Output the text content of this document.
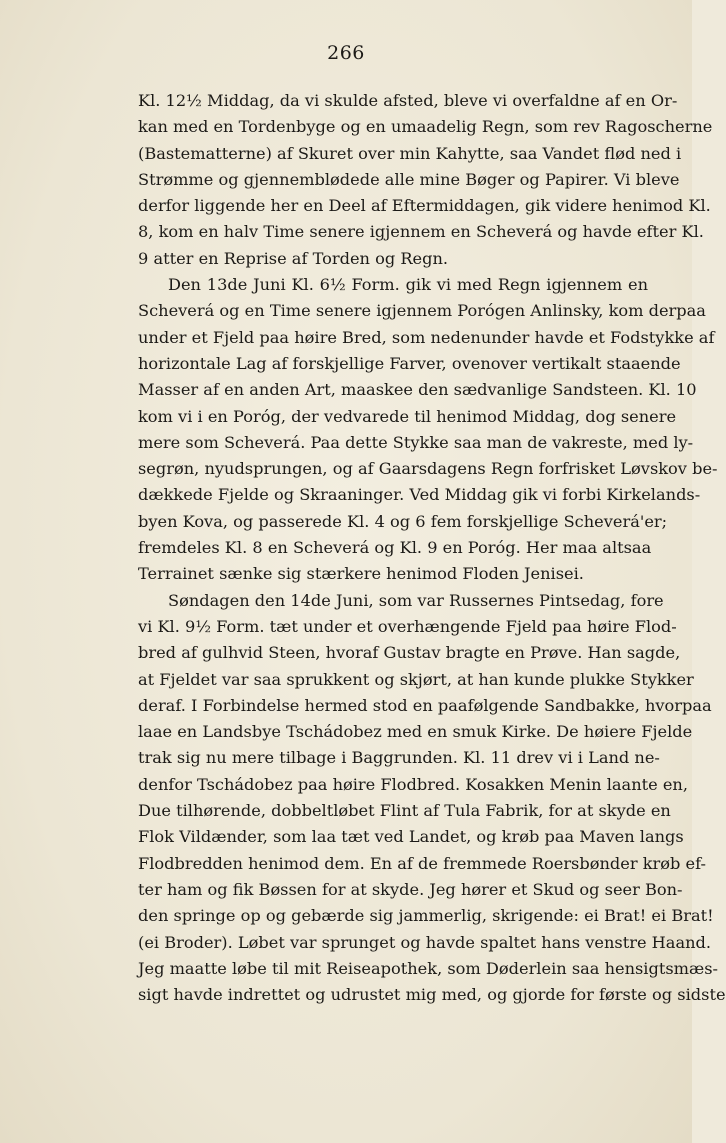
266
Kl. 12½ Middag, da vi skulde afsted, bleve vi overfaldne af en Or-
kan med en Tordenbyge og en umaadelig Regn, som rev Ragoscherne
(Bastematterne) af Skuret over min Kahytte, saa Vandet flød ned i
Strømme og gjennemblødede alle mine Bøger og Papirer. Vi bleve
derfor liggende her en Deel af Eftermiddagen, gik videre henimod Kl.
8, kom en halv Time senere igjennem en Scheverá og havde efter Kl.
9 atter en Reprise af Torden og Regn.
Den 13de Juni Kl. 6½ Form. gik vi med Regn igjennem en
Scheverá og en Time senere igjennem Porógen Anlinsky, kom derpaa
under et Fjeld paa høire Bred, som nedenunder havde et Fodstykke af
horizontale Lag af forskjellige Farver, ovenover vertikalt staaende
Masser af en anden Art, maaskee den sædvanlige Sandsteen. Kl. 10
kom vi i en Poróg, der vedvarede til henimod Middag, dog senere
mere som Scheverá. Paa dette Stykke saa man de vakreste, med ly-
segrøn, nyudsprungen, og af Gaarsdagens Regn forfrisket Løvskov be-
dækkede Fjelde og Skraaninger. Ved Middag gik vi forbi Kirkelands-
byen Kova, og passerede Kl. 4 og 6 fem forskjellige Scheverá'er;
fremdeles Kl. 8 en Scheverá og Kl. 9 en Poróg. Her maa altsaa
Terrainet sænke sig stærkere henimod Floden Jenisei.
Søndagen den 14de Juni, som var Russernes Pintsedag, fore
vi Kl. 9½ Form. tæt under et overhængende Fjeld paa høire Flod-
bred af gulhvid Steen, hvoraf Gustav bragte en Prøve. Han sagde,
at Fjeldet var saa sprukkent og skjørt, at han kunde plukke Stykker
deraf. I Forbindelse hermed stod en paafølgende Sandbakke, hvorpaa
laae en Landsbye Tschádobez med en smuk Kirke. De høiere Fjelde
trak sig nu mere tilbage i Baggrunden. Kl. 11 drev vi i Land ne-
denfor Tschádobez paa høire Flodbred. Kosakken Menin laante en,
Due tilhørende, dobbeltløbet Flint af Tula Fabrik, for at skyde en
Flok Vildænder, som laa tæt ved Landet, og krøb paa Maven langs
Flodbredden henimod dem. En af de fremmede Roersbønder krøb ef-
ter ham og fik Bøssen for at skyde. Jeg hører et Skud og seer Bon-
den springe op og gebærde sig jammerlig, skrigende: ei Brat! ei Brat!
(ei Broder). Løbet var sprunget og havde spaltet hans venstre Haand.
Jeg maatte løbe til mit Reiseapothek, som Døderlein saa hensigtsmæs-
sigt havde indrettet og udrustet mig med, og gjorde for første og sidste
